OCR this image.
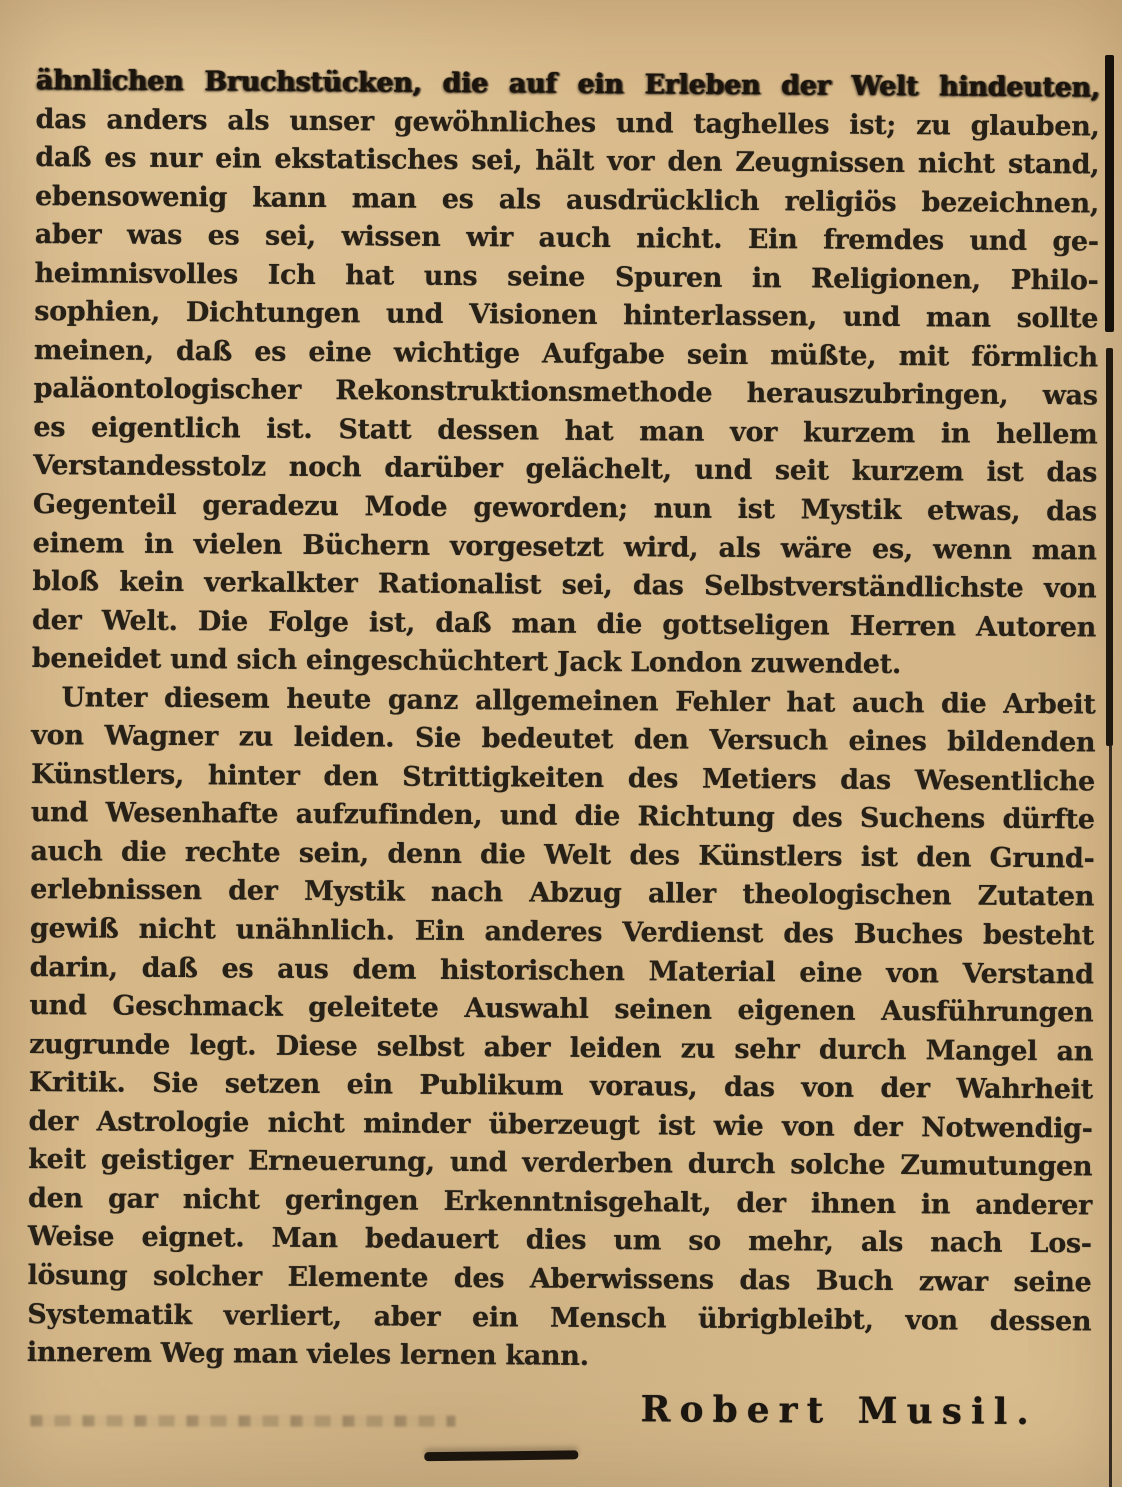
ähnlichen Bruchstücken, die auf ein Erleben der Welt hindeuten,
das anders als unser gewöhnliches und taghelles ist; zu glauben,
daß es nur ein ekstatisches sei, hält vor den Zeugnissen nicht stand,
ebensowenig kann man es als ausdrücklich religiös bezeichnen,
aber was es sei, wissen wir auch nicht. Ein fremdes und ge-
heimnisvolles Ich hat uns seine Spuren in Religionen, Philo-
sophien, Dichtungen und Visionen hinterlassen, und man sollte
meinen, daß es eine wichtige Aufgabe sein müßte, mit förmlich
paläontologischer Rekonstruktionsmethode herauszubringen, was
es eigentlich ist. Statt dessen hat man vor kurzem in hellem
Verstandesstolz noch darüber gelächelt, und seit kurzem ist das
Gegenteil geradezu Mode geworden; nun ist Mystik etwas, das
einem in vielen Büchern vorgesetzt wird, als wäre es, wenn man
bloß kein verkalkter Rationalist sei, das Selbstverständlichste von
der Welt. Die Folge ist, daß man die gottseligen Herren Autoren
beneidet und sich eingeschüchtert Jack London zuwendet.
Unter diesem heute ganz allgemeinen Fehler hat auch die Arbeit
von Wagner zu leiden. Sie bedeutet den Versuch eines bildenden
Künstlers, hinter den Strittigkeiten des Metiers das Wesentliche
und Wesenhafte aufzufinden, und die Richtung des Suchens dürfte
auch die rechte sein, denn die Welt des Künstlers ist den Grund-
erlebnissen der Mystik nach Abzug aller theologischen Zutaten
gewiß nicht unähnlich. Ein anderes Verdienst des Buches besteht
darin, daß es aus dem historischen Material eine von Verstand
und Geschmack geleitete Auswahl seinen eigenen Ausführungen
zugrunde legt. Diese selbst aber leiden zu sehr durch Mangel an
Kritik. Sie setzen ein Publikum voraus, das von der Wahrheit
der Astrologie nicht minder überzeugt ist wie von der Notwendig-
keit geistiger Erneuerung, und verderben durch solche Zumutungen
den gar nicht geringen Erkenntnisgehalt, der ihnen in anderer
Weise eignet. Man bedauert dies um so mehr, als nach Los-
lösung solcher Elemente des Aberwissens das Buch zwar seine
Systematik verliert, aber ein Mensch übrigbleibt, von dessen
innerem Weg man vieles lernen kann.
Robert Musil.
